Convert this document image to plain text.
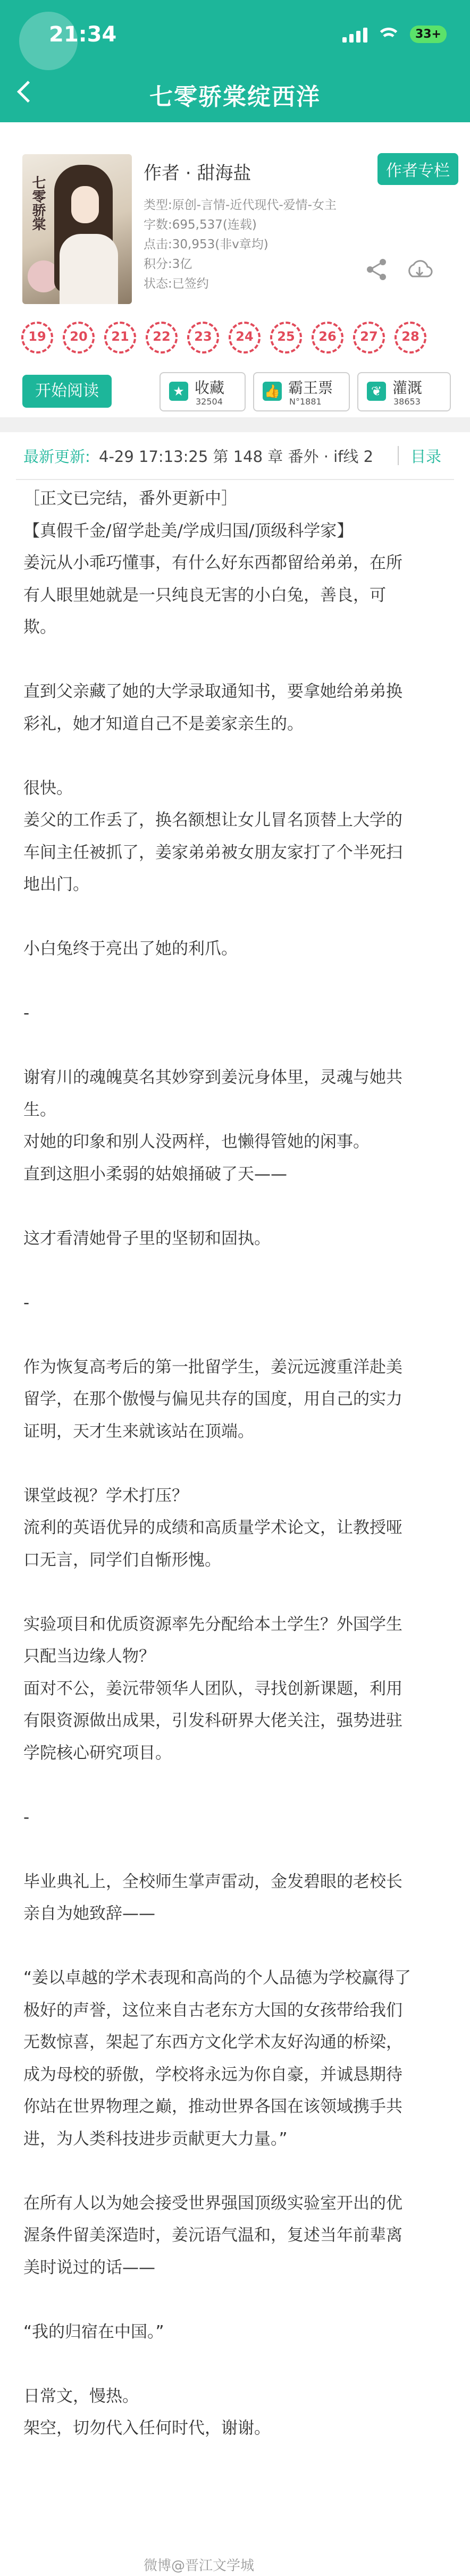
21:34	33+
七零骄棠绽西洋
七零骄棠
作者 · 甜海盐	作者专栏
类型:原创-言情-近代现代-爱情-女主
字数:695,537(连载)
点击:30,953(非v章均)
积分:3亿
状态:已签约
19	20	21	22	23	24	25	26	27	28
开始阅读	★ 收藏
32504
👍 霸王票
N°1881
❦ 灌溉
38653
最新更新: 4-29 17:13:25 第 148 章 番外 · if线 2 目录
［正文已完结，番外更新中］
【真假千金/留学赴美/学成归国/顶级科学家】
姜沅从小乖巧懂事，有什么好东西都留给弟弟，在所
有人眼里她就是一只纯良无害的小白兔，善良，可
欺。
直到父亲藏了她的大学录取通知书，要拿她给弟弟换
彩礼，她才知道自己不是姜家亲生的。
很快。
姜父的工作丢了，换名额想让女儿冒名顶替上大学的
车间主任被抓了，姜家弟弟被女朋友家打了个半死扫
地出门。
小白兔终于亮出了她的利爪。
-
谢宥川的魂魄莫名其妙穿到姜沅身体里，灵魂与她共
生。
对她的印象和别人没两样，也懒得管她的闲事。
直到这胆小柔弱的姑娘捅破了天——
这才看清她骨子里的坚韧和固执。
-
作为恢复高考后的第一批留学生，姜沅远渡重洋赴美
留学，在那个傲慢与偏见共存的国度，用自己的实力
证明，天才生来就该站在顶端。
课堂歧视？学术打压？
流利的英语优异的成绩和高质量学术论文，让教授哑
口无言，同学们自惭形愧。
实验项目和优质资源率先分配给本土学生？外国学生
只配当边缘人物？
面对不公，姜沅带领华人团队，寻找创新课题，利用
有限资源做出成果，引发科研界大佬关注，强势进驻
学院核心研究项目。
-
毕业典礼上，全校师生掌声雷动，金发碧眼的老校长
亲自为她致辞——
“姜以卓越的学术表现和高尚的个人品德为学校赢得了
极好的声誉，这位来自古老东方大国的女孩带给我们
无数惊喜，架起了东西方文化学术友好沟通的桥梁，
成为母校的骄傲，学校将永远为你自豪，并诚恳期待
你站在世界物理之巅，推动世界各国在该领域携手共
进，为人类科技进步贡献更大力量。”
在所有人以为她会接受世界强国顶级实验室开出的优
渥条件留美深造时，姜沅语气温和，复述当年前辈离
美时说过的话——
“我的归宿在中国。”
日常文，慢热。
架空，切勿代入任何时代，谢谢。
微博@晋江文学城
